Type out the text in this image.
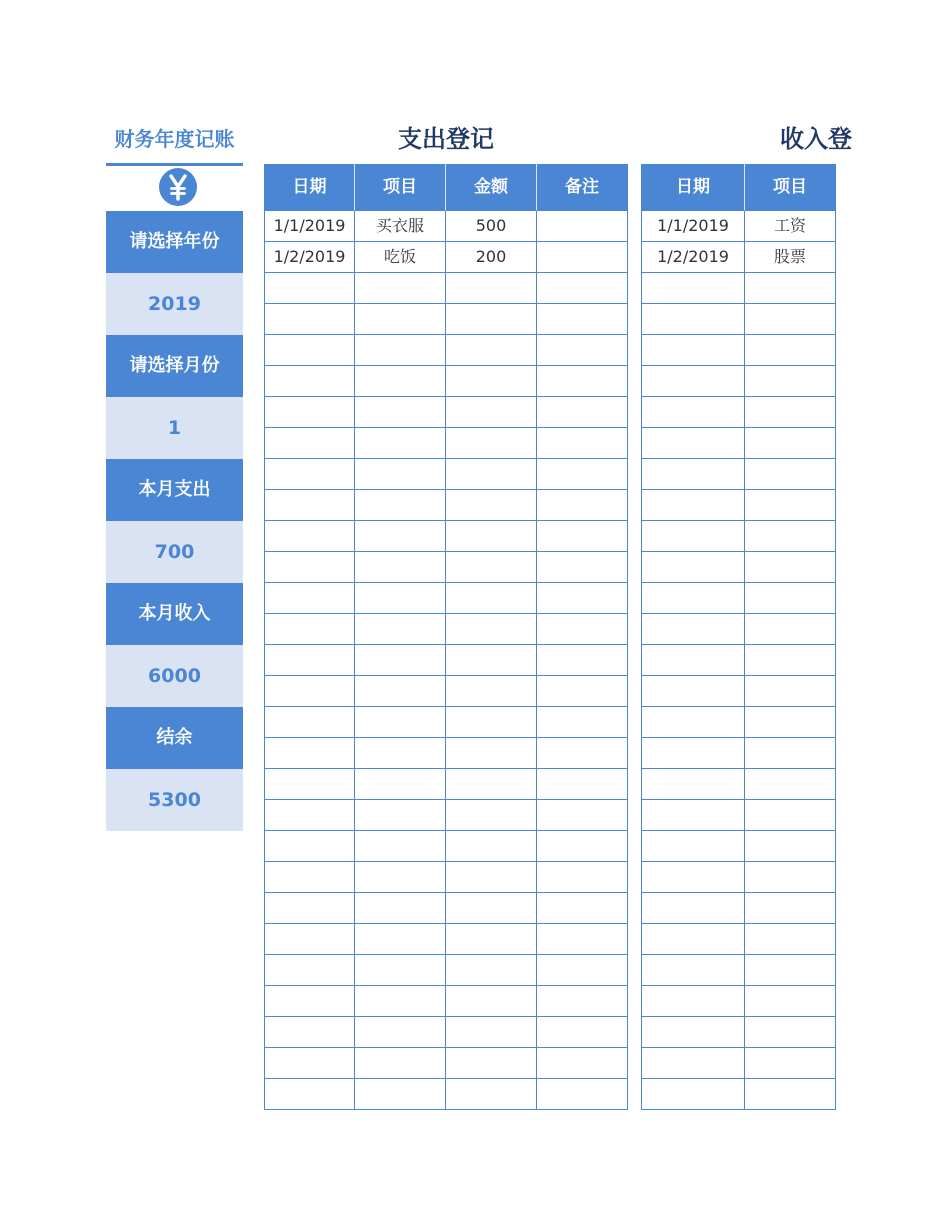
财务年度记账
请选择年份
2019
请选择月份
1
本月支出
700
本月收入
6000
结余
5300
支出登记
日期	项目	金额	备注
1/1/2019	买衣服	500
1/2/2019	吃饭	200
收入登
日期	项目
1/1/2019	工资
1/2/2019	股票
